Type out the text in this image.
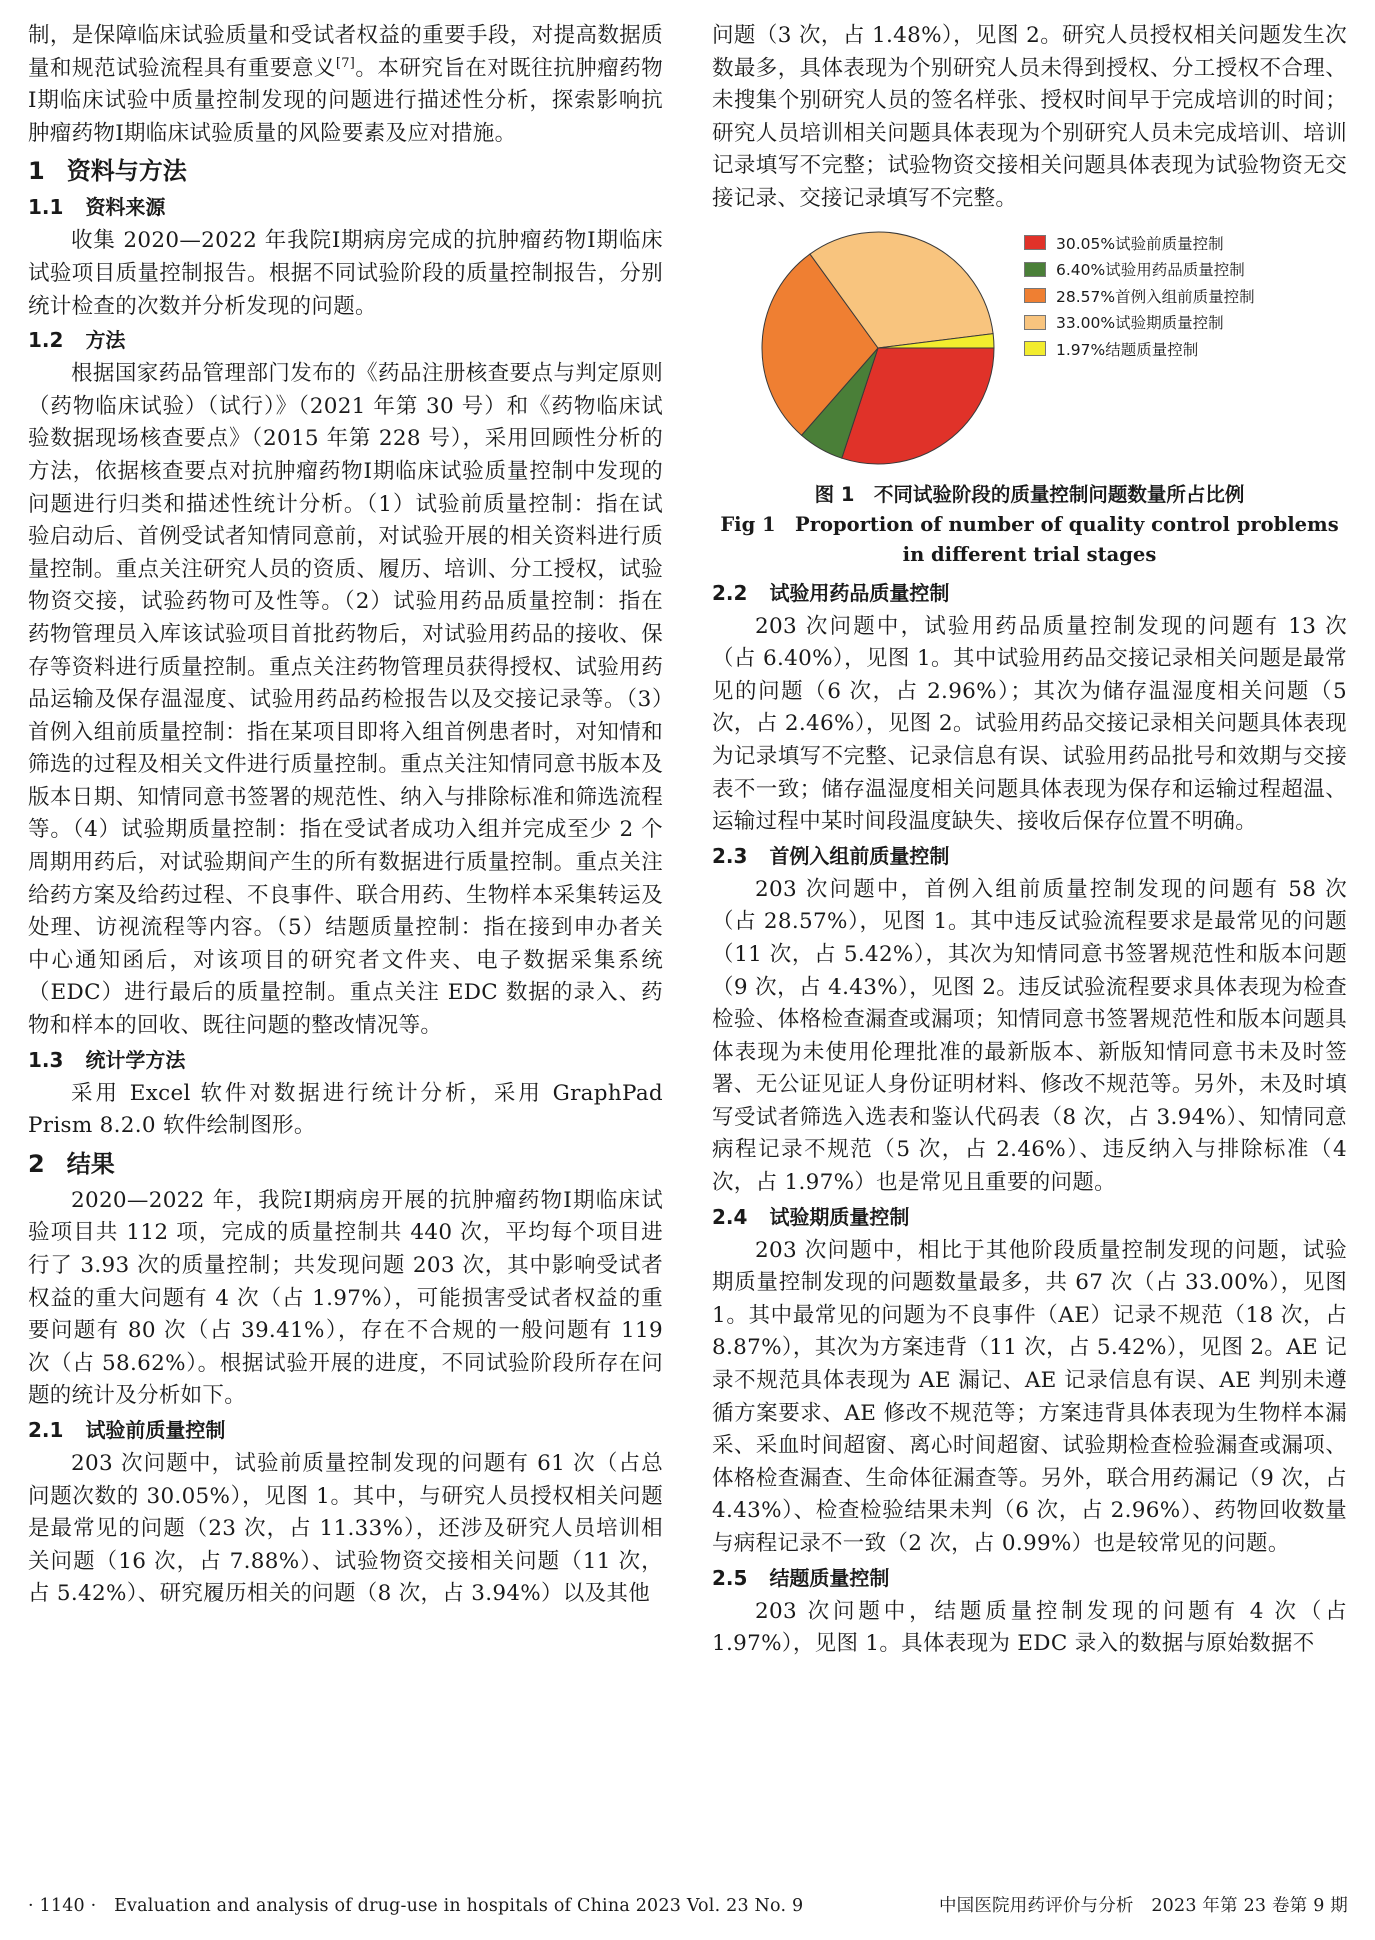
制，是保障临床试验质量和受试者权益的重要手段，对提高数据质量和规范试验流程具有重要意义[7]。本研究旨在对既往抗肿瘤药物Ⅰ期临床试验中质量控制发现的问题进行描述性分析，探索影响抗肿瘤药物Ⅰ期临床试验质量的风险要素及应对措施。

1 资料与方法
1.1 资料来源

收集 2020—2022 年我院Ⅰ期病房完成的抗肿瘤药物Ⅰ期临床试验项目质量控制报告。根据不同试验阶段的质量控制报告，分别统计检查的次数并分析发现的问题。

1.2 方法

根据国家药品管理部门发布的《药品注册核查要点与判定原则（药物临床试验）（试行）》（2021 年第 30 号）和《药物临床试验数据现场核查要点》（2015 年第 228 号），采用回顾性分析的方法，依据核查要点对抗肿瘤药物Ⅰ期临床试验质量控制中发现的问题进行归类和描述性统计分析。（1）试验前质量控制：指在试验启动后、首例受试者知情同意前，对试验开展的相关资料进行质量控制。重点关注研究人员的资质、履历、培训、分工授权，试验物资交接，试验药物可及性等。（2）试验用药品质量控制：指在药物管理员入库该试验项目首批药物后，对试验用药品的接收、保存等资料进行质量控制。重点关注药物管理员获得授权、试验用药品运输及保存温湿度、试验用药品药检报告以及交接记录等。（3）首例入组前质量控制：指在某项目即将入组首例患者时，对知情和筛选的过程及相关文件进行质量控制。重点关注知情同意书版本及版本日期、知情同意书签署的规范性、纳入与排除标准和筛选流程等。（4）试验期质量控制：指在受试者成功入组并完成至少 2 个周期用药后，对试验期间产生的所有数据进行质量控制。重点关注给药方案及给药过程、不良事件、联合用药、生物样本采集转运及处理、访视流程等内容。（5）结题质量控制：指在接到申办者关中心通知函后，对该项目的研究者文件夹、电子数据采集系统（EDC）进行最后的质量控制。重点关注 EDC 数据的录入、药物和样本的回收、既往问题的整改情况等。

1.3 统计学方法

采用 Excel 软件对数据进行统计分析，采用 GraphPad Prism 8.2.0 软件绘制图形。

2 结果

2020—2022 年，我院Ⅰ期病房开展的抗肿瘤药物Ⅰ期临床试验项目共 112 项，完成的质量控制共 440 次，平均每个项目进行了 3.93 次的质量控制；共发现问题 203 次，其中影响受试者权益的重大问题有 4 次（占 1.97%），可能损害受试者权益的重要问题有 80 次（占 39.41%），存在不合规的一般问题有 119 次（占 58.62%）。根据试验开展的进度，不同试验阶段所存在问题的统计及分析如下。

2.1 试验前质量控制

203 次问题中，试验前质量控制发现的问题有 61 次（占总问题次数的 30.05%），见图 1。其中，与研究人员授权相关问题是最常见的问题（23 次，占 11.33%），还涉及研究人员培训相关问题（16 次，占 7.88%）、试验物资交接相关问题（11 次，占 5.42%）、研究履历相关的问题（8 次，占 3.94%）以及其他

问题（3 次，占 1.48%），见图 2。研究人员授权相关问题发生次数最多，具体表现为个别研究人员未得到授权、分工授权不合理、未搜集个别研究人员的签名样张、授权时间早于完成培训的时间；研究人员培训相关问题具体表现为个别研究人员未完成培训、培训记录填写不完整；试验物资交接相关问题具体表现为试验物资无交接记录、交接记录填写不完整。

30.05%试验前质量控制
6.40%试验用药品质量控制
28.57%首例入组前质量控制
33.00%试验期质量控制
1.97%结题质量控制

图 1　不同试验阶段的质量控制问题数量所占比例

Fig 1　Proportion of number of quality control problems
in different trial stages

2.2 试验用药品质量控制

203 次问题中，试验用药品质量控制发现的问题有 13 次（占 6.40%），见图 1。其中试验用药品交接记录相关问题是最常见的问题（6 次，占 2.96%）；其次为储存温湿度相关问题（5 次，占 2.46%），见图 2。试验用药品交接记录相关问题具体表现为记录填写不完整、记录信息有误、试验用药品批号和效期与交接表不一致；储存温湿度相关问题具体表现为保存和运输过程超温、运输过程中某时间段温度缺失、接收后保存位置不明确。

2.3 首例入组前质量控制

203 次问题中，首例入组前质量控制发现的问题有 58 次（占 28.57%），见图 1。其中违反试验流程要求是最常见的问题（11 次，占 5.42%），其次为知情同意书签署规范性和版本问题（9 次，占 4.43%），见图 2。违反试验流程要求具体表现为检查检验、体格检查漏查或漏项；知情同意书签署规范性和版本问题具体表现为未使用伦理批准的最新版本、新版知情同意书未及时签署、无公证见证人身份证明材料、修改不规范等。另外，未及时填写受试者筛选入选表和鉴认代码表（8 次，占 3.94%）、知情同意病程记录不规范（5 次，占 2.46%）、违反纳入与排除标准（4 次，占 1.97%）也是常见且重要的问题。

2.4 试验期质量控制

203 次问题中，相比于其他阶段质量控制发现的问题，试验期质量控制发现的问题数量最多，共 67 次（占 33.00%），见图 1。其中最常见的问题为不良事件（AE）记录不规范（18 次，占 8.87%），其次为方案违背（11 次，占 5.42%），见图 2。AE 记录不规范具体表现为 AE 漏记、AE 记录信息有误、AE 判别未遵循方案要求、AE 修改不规范等；方案违背具体表现为生物样本漏采、采血时间超窗、离心时间超窗、试验期检查检验漏查或漏项、体格检查漏查、生命体征漏查等。另外，联合用药漏记（9 次，占 4.43%）、检查检验结果未判（6 次，占 2.96%）、药物回收数量与病程记录不一致（2 次，占 0.99%）也是较常见的问题。

2.5 结题质量控制

203 次问题中，结题质量控制发现的问题有 4 次（占 1.97%），见图 1。具体表现为 EDC 录入的数据与原始数据不

· 1140 ·　Evaluation and analysis of drug-use in hospitals of China 2023 Vol. 23 No. 9	中国医院用药评价与分析　2023 年第 23 卷第 9 期
